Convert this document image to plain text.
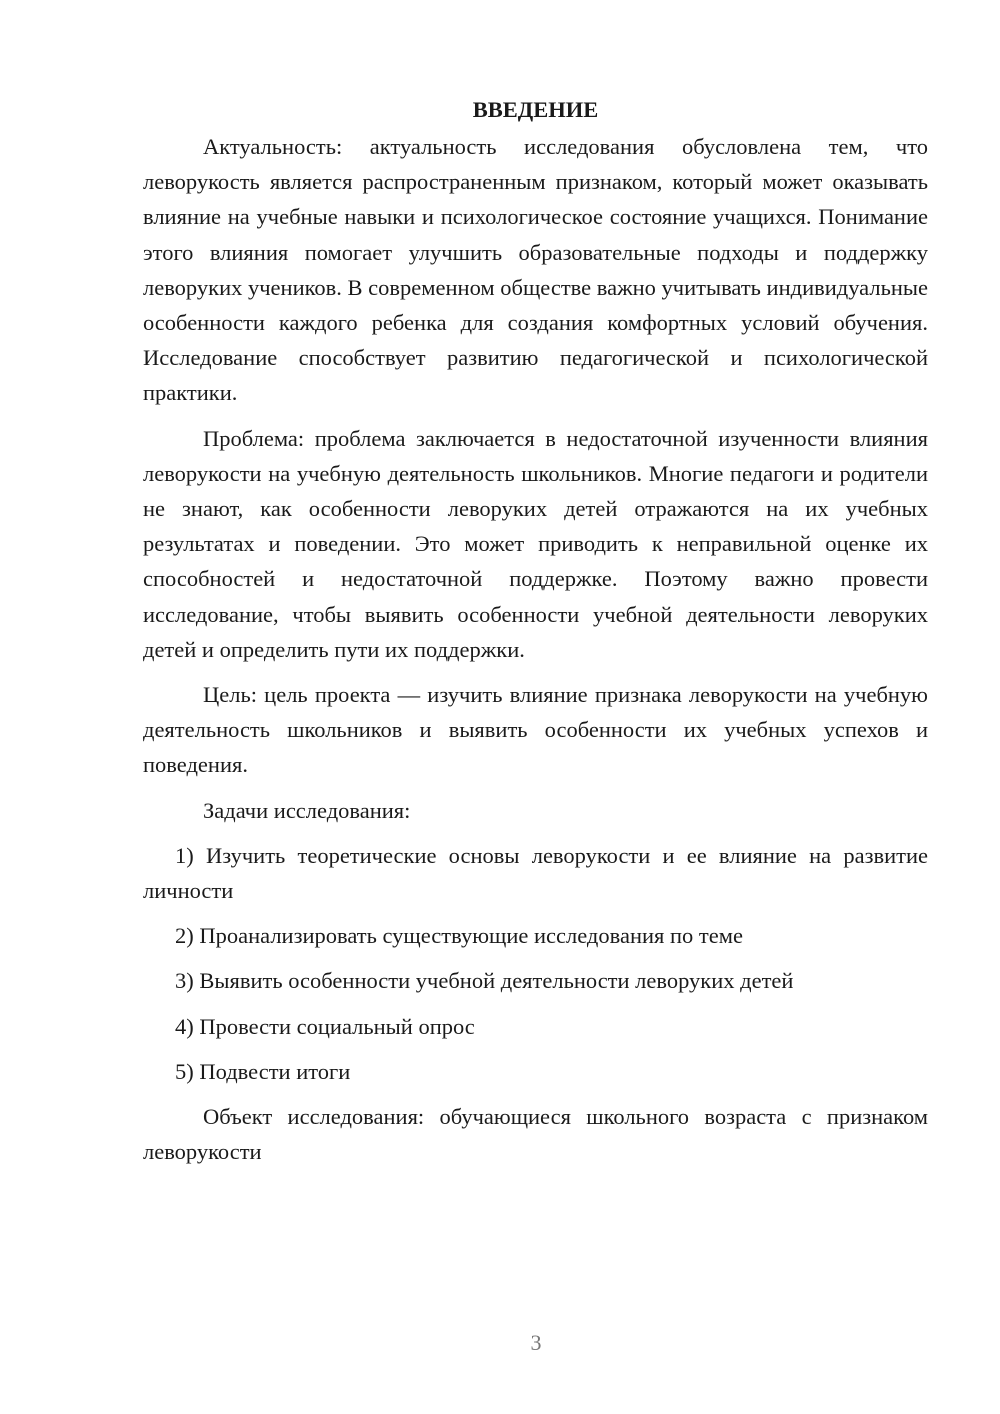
ВВЕДЕНИЕ

Актуальность: актуальность исследования обусловлена тем, что леворукость является распространенным признаком, который может оказывать влияние на учебные навыки и психологическое состояние учащихся. Понимание этого влияния помогает улучшить образовательные подходы и поддержку леворуких учеников. В современном обществе важно учитывать индивидуальные особенности каждого ребенка для создания комфортных условий обучения. Исследование способствует развитию педагогической и психологической практики.

Проблема: проблема заключается в недостаточной изученности влияния леворукости на учебную деятельность школьников. Многие педагоги и родители не знают, как особенности леворуких детей отражаются на их учебных результатах и поведении. Это может приводить к неправильной оценке их способностей и недостаточной поддержке. Поэтому важно провести исследование, чтобы выявить особенности учебной деятельности леворуких детей и определить пути их поддержки.

Цель: цель проекта — изучить влияние признака леворукости на учебную деятельность школьников и выявить особенности их учебных успехов и поведения.

Задачи исследования:

1) Изучить теоретические основы леворукости и ее влияние на развитие личности

2) Проанализировать существующие исследования по теме

3) Выявить особенности учебной деятельности леворуких детей

4) Провести социальный опрос

5) Подвести итоги

Объект исследования: обучающиеся школьного возраста с признаком леворукости

3
